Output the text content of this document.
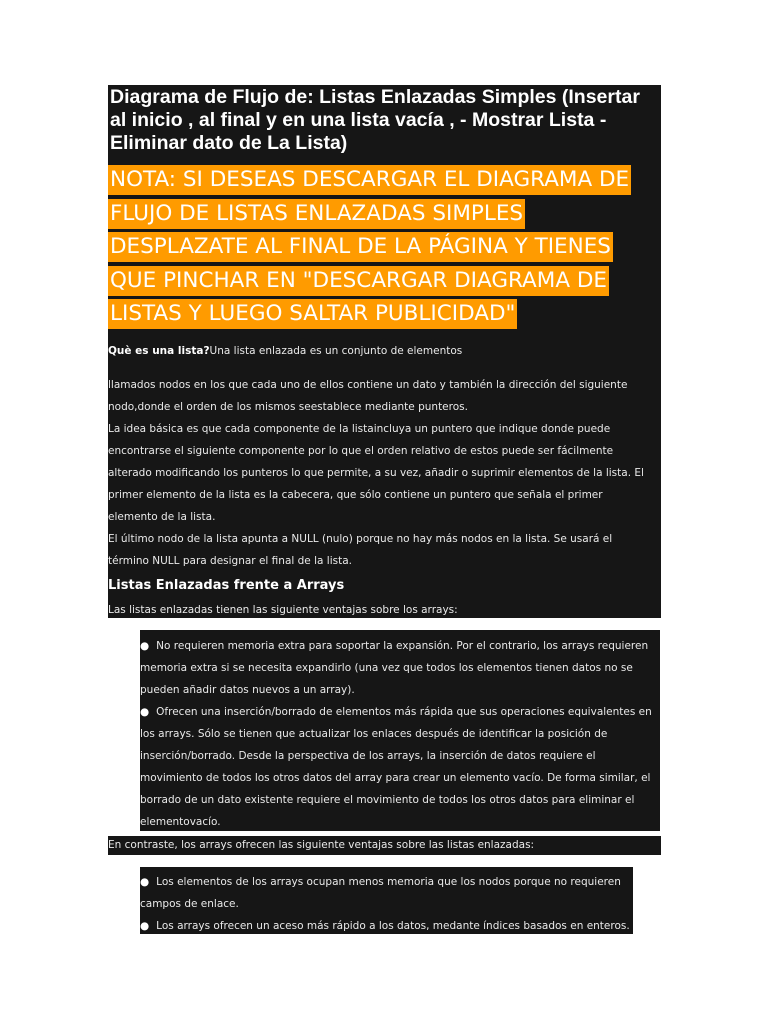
Diagrama de Flujo de: Listas Enlazadas Simples (Insertar al inicio , al final y en una lista vacía , - Mostrar Lista - Eliminar dato de La Lista)

NOTA: SI DESEAS DESCARGAR EL DIAGRAMA DE
FLUJO DE LISTAS ENLAZADAS SIMPLES
DESPLAZATE AL FINAL DE LA PÁGINA Y TIENES
QUE PINCHAR EN "DESCARGAR DIAGRAMA DE
LISTAS Y LUEGO SALTAR PUBLICIDAD"

Què es una lista?Una lista enlazada es un conjunto de elementos

llamados nodos en los que cada uno de ellos contiene un dato y también la dirección del siguiente
nodo,donde el orden de los mismos seestablece mediante punteros.
La idea básica es que cada componente de la listaincluya un puntero que indique donde puede
encontrarse el siguiente componente por lo que el orden relativo de estos puede ser fácilmente
alterado modificando los punteros lo que permite, a su vez, añadir o suprimir elementos de la lista. El
primer elemento de la lista es la cabecera, que sólo contiene un puntero que señala el primer
elemento de la lista.
El último nodo de la lista apunta a NULL (nulo) porque no hay más nodos en la lista. Se usará el
término NULL para designar el final de la lista.

Listas Enlazadas frente a Arrays

Las listas enlazadas tienen las siguiente ventajas sobre los arrays:

● No requieren memoria extra para soportar la expansión. Por el contrario, los arrays requieren
memoria extra si se necesita expandirlo (una vez que todos los elementos tienen datos no se
pueden añadir datos nuevos a un array).
● Ofrecen una inserción/borrado de elementos más rápida que sus operaciones equivalentes en
los arrays. Sólo se tienen que actualizar los enlaces después de identificar la posición de
inserción/borrado. Desde la perspectiva de los arrays, la inserción de datos requiere el
movimiento de todos los otros datos del array para crear un elemento vacío. De forma similar, el
borrado de un dato existente requiere el movimiento de todos los otros datos para eliminar el
elementovacío.

En contraste, los arrays ofrecen las siguiente ventajas sobre las listas enlazadas:

● Los elementos de los arrays ocupan menos memoria que los nodos porque no requieren
campos de enlace.
● Los arrays ofrecen un aceso más rápido a los datos, medante índices basados en enteros.
